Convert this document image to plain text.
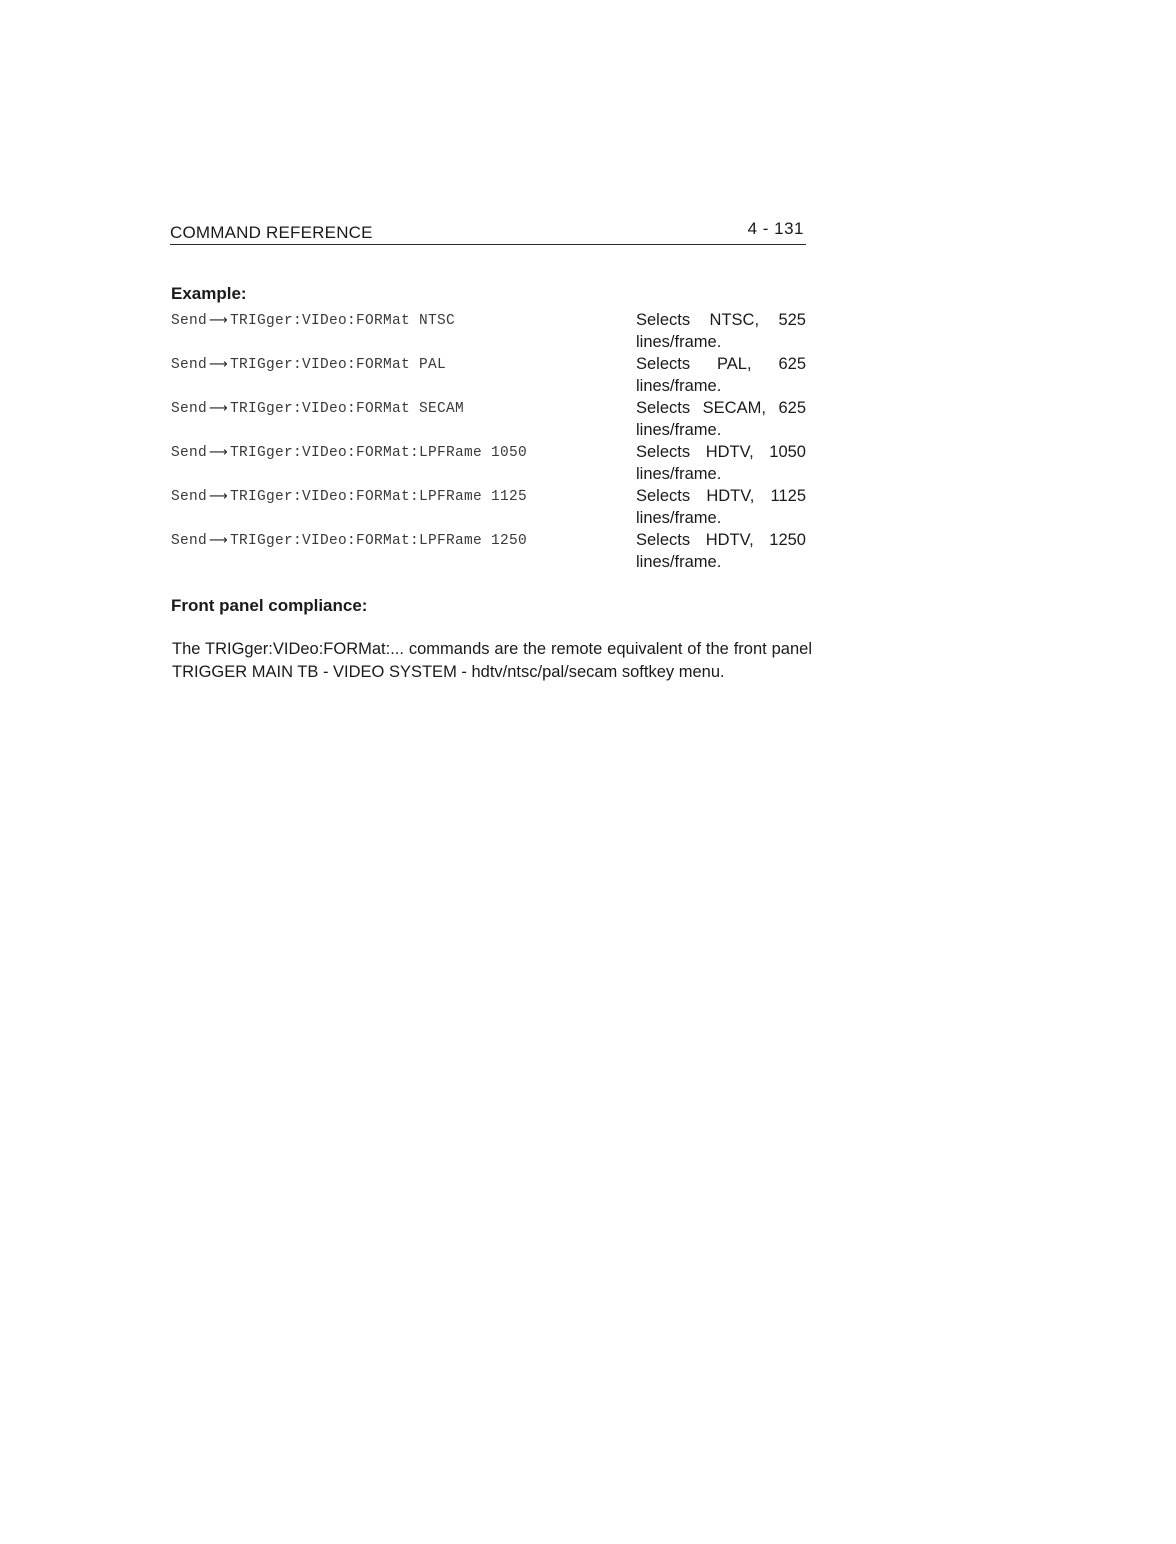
COMMAND REFERENCE	4 - 131
Example:
Send ⟶ TRIGger:VIDeo:FORMat NTSC	Selects NTSC, 525
lines/frame.
Send ⟶ TRIGger:VIDeo:FORMat PAL	Selects PAL, 625
lines/frame.
Send ⟶ TRIGger:VIDeo:FORMat SECAM	Selects SECAM, 625
lines/frame.
Send ⟶ TRIGger:VIDeo:FORMat:LPFRame 1050	Selects HDTV, 1050
lines/frame.
Send ⟶ TRIGger:VIDeo:FORMat:LPFRame 1125	Selects HDTV, 1125
lines/frame.
Send ⟶ TRIGger:VIDeo:FORMat:LPFRame 1250	Selects HDTV, 1250
lines/frame.
Front panel compliance:

The TRIGger:VIDeo:FORMat:... commands are the remote equivalent of the front panel TRIGGER MAIN TB - VIDEO SYSTEM - hdtv/ntsc/pal/secam softkey menu.
